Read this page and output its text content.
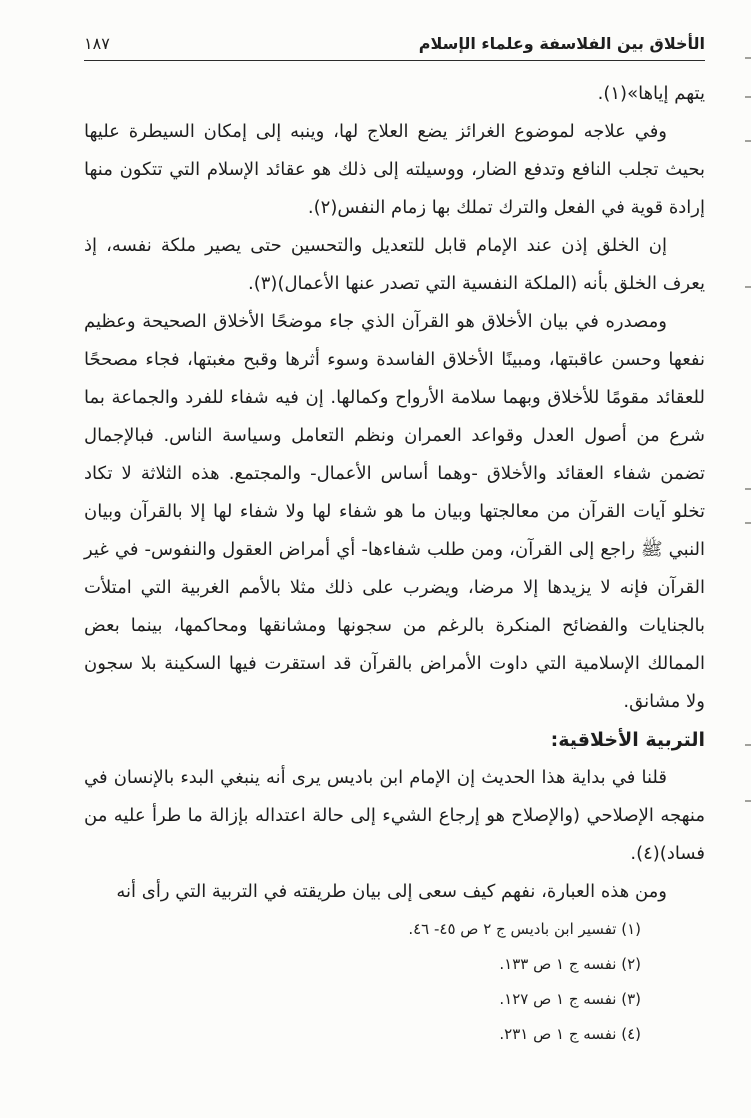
الأخلاق بين الفلاسفة وعلماء الإسلام
١٨٧

يتهم إياها»(١).

وفي علاجه لموضوع الغرائز يضع العلاج لها، وينبه إلى إمكان السيطرة عليها بحيث تجلب النافع وتدفع الضار، ووسيلته إلى ذلك هو عقائد الإسلام التي تتكون منها إرادة قوية في الفعل والترك تملك بها زمام النفس(٢).

إن الخلق إذن عند الإمام قابل للتعديل والتحسين حتى يصير ملكة نفسه، إذ يعرف الخلق بأنه (الملكة النفسية التي تصدر عنها الأعمال)(٣).

ومصدره في بيان الأخلاق هو القرآن الذي جاء موضحًا الأخلاق الصحيحة وعظيم نفعها وحسن عاقبتها، ومبينًا الأخلاق الفاسدة وسوء أثرها وقبح مغبتها، فجاء مصححًا للعقائد مقومًا للأخلاق وبهما سلامة الأرواح وكمالها. إن فيه شفاء للفرد والجماعة بما شرع من أصول العدل وقواعد العمران ونظم التعامل وسياسة الناس. فبالإجمال تضمن شفاء العقائد والأخلاق -وهما أساس الأعمال- والمجتمع. هذه الثلاثة لا تكاد تخلو آيات القرآن من معالجتها وبيان ما هو شفاء لها ولا شفاء لها إلا بالقرآن وبيان النبي ﷺ راجع إلى القرآن، ومن طلب شفاءها- أي أمراض العقول والنفوس- في غير القرآن فإنه لا يزيدها إلا مرضا، ويضرب على ذلك مثلا بالأمم الغربية التي امتلأت بالجنايات والفضائح المنكرة بالرغم من سجونها ومشانقها ومحاكمها، بينما بعض الممالك الإسلامية التي داوت الأمراض بالقرآن قد استقرت فيها السكينة بلا سجون ولا مشانق.

التربية الأخلاقية:

قلنا في بداية هذا الحديث إن الإمام ابن باديس يرى أنه ينبغي البدء بالإنسان في منهجه الإصلاحي (والإصلاح هو إرجاع الشيء إلى حالة اعتداله بإزالة ما طرأ عليه من فساد)(٤).

ومن هذه العبارة، نفهم كيف سعى إلى بيان طريقته في التربية التي رأى أنه

(١) تفسير ابن باديس ج ٢ ص ٤٥- ٤٦.

(٢) نفسه ج ١ ص ١٣٣.

(٣) نفسه ج ١ ص ١٢٧.

(٤) نفسه ج ١ ص ٢٣١.
